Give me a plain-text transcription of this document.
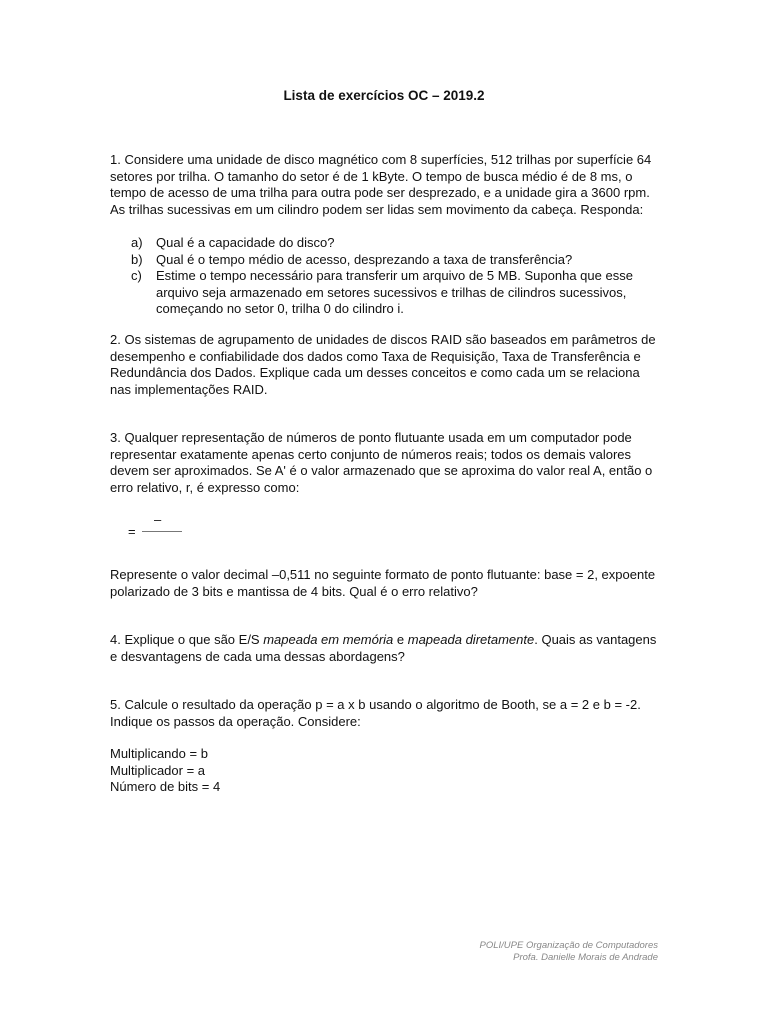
Lista de exercícios OC – 2019.2

1. Considere uma unidade de disco magnético com 8 superfícies, 512 trilhas por superfície 64 setores por trilha. O tamanho do setor é de 1 kByte. O tempo de busca médio é de 8 ms, o tempo de acesso de uma trilha para outra pode ser desprezado, e a unidade gira a 3600 rpm. As trilhas sucessivas em um cilindro podem ser lidas sem movimento da cabeça. Responda:

a) Qual é a capacidade do disco?
b) Qual é o tempo médio de acesso, desprezando a taxa de transferência?
c) Estime o tempo necessário para transferir um arquivo de 5 MB. Suponha que esse arquivo seja armazenado em setores sucessivos e trilhas de cilindros sucessivos, começando no setor 0, trilha 0 do cilindro i.

2. Os sistemas de agrupamento de unidades de discos RAID são baseados em parâmetros de desempenho e confiabilidade dos dados como Taxa de Requisição, Taxa de Transferência e Redundância dos Dados. Explique cada um desses conceitos e como cada um se relaciona nas implementações RAID.

3. Qualquer representação de números de ponto flutuante usada em um computador pode representar exatamente apenas certo conjunto de números reais; todos os demais valores devem ser aproximados. Se A' é o valor armazenado que se aproxima do valor real A, então o erro relativo, r, é expresso como:

–
=

Represente o valor decimal –0,511 no seguinte formato de ponto flutuante: base = 2, expoente polarizado de 3 bits e mantissa de 4 bits. Qual é o erro relativo?

4. Explique o que são E/S mapeada em memória e mapeada diretamente. Quais as vantagens e desvantagens de cada uma dessas abordagens?

5. Calcule o resultado da operação p = a x b usando o algoritmo de Booth, se a = 2 e b = -2. Indique os passos da operação. Considere:

Multiplicando = b

Multiplicador = a

Número de bits = 4

POLI/UPE Organização de Computadores
Profa. Danielle Morais de Andrade
